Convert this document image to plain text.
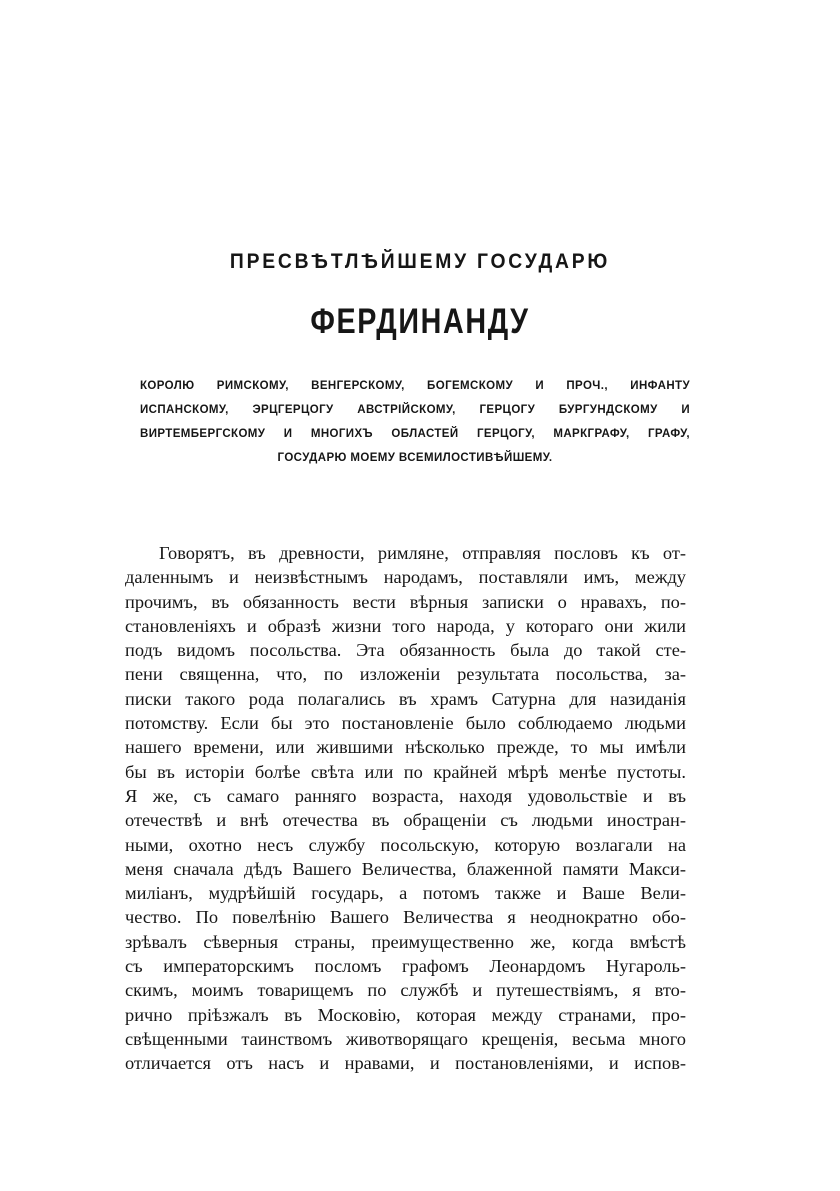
ПРЕСВѢТЛѢЙШЕМУ ГОСУДАРЮ
ФЕРДИНАНДУ
КОРОЛЮ РИМСКОМУ, ВЕНГЕРСКОМУ, БОГЕМСКОМУ И ПРОЧ., ИНФАНТУ
ИСПАНСКОМУ, ЭРЦГЕРЦОГУ АВСТРІЙСКОМУ, ГЕРЦОГУ БУРГУНДСКОМУ И
ВИРТЕМБЕРГСКОМУ И МНОГИХЪ ОБЛАСТЕЙ ГЕРЦОГУ, МАРКГРАФУ, ГРАФУ,
ГОСУДАРЮ МОЕМУ ВСЕМИЛОСТИВѢЙШЕМУ.
Говорятъ, въ древности, римляне, отправляя пословъ къ от-
даленнымъ и неизвѣстнымъ народамъ, поставляли имъ, между
прочимъ, въ обязанность вести вѣрныя записки о нравахъ, по-
становленіяхъ и образѣ жизни того народа, у котораго они жили
подъ видомъ посольства. Эта обязанность была до такой сте-
пени священна, что, по изложеніи результата посольства, за-
писки такого рода полагались въ храмъ Сатурна для назиданія
потомству. Если бы это постановленіе было соблюдаемо людьми
нашего времени, или жившими нѣсколько прежде, то мы имѣли
бы въ исторіи болѣе свѣта или по крайней мѣрѣ менѣе пустоты.
Я же, съ самаго ранняго возраста, находя удовольствіе и въ
отечествѣ и внѣ отечества въ обращеніи съ людьми иностран-
ными, охотно несъ службу посольскую, которую возлагали на
меня сначала дѣдъ Вашего Величества, блаженной памяти Макси-
миліанъ, мудрѣйшій государь, а потомъ также и Ваше Вели-
чество. По повелѣнію Вашего Величества я неоднократно обо-
зрѣвалъ сѣверныя страны, преимущественно же, когда вмѣстѣ
съ императорскимъ посломъ графомъ Леонардомъ Нугароль-
скимъ, моимъ товарищемъ по службѣ и путешествіямъ, я вто-
рично пріѣзжалъ въ Московію, которая между странами, про-
свѣщенными таинствомъ животворящаго крещенія, весьма много
отличается отъ насъ и нравами, и постановленіями, и испов-
